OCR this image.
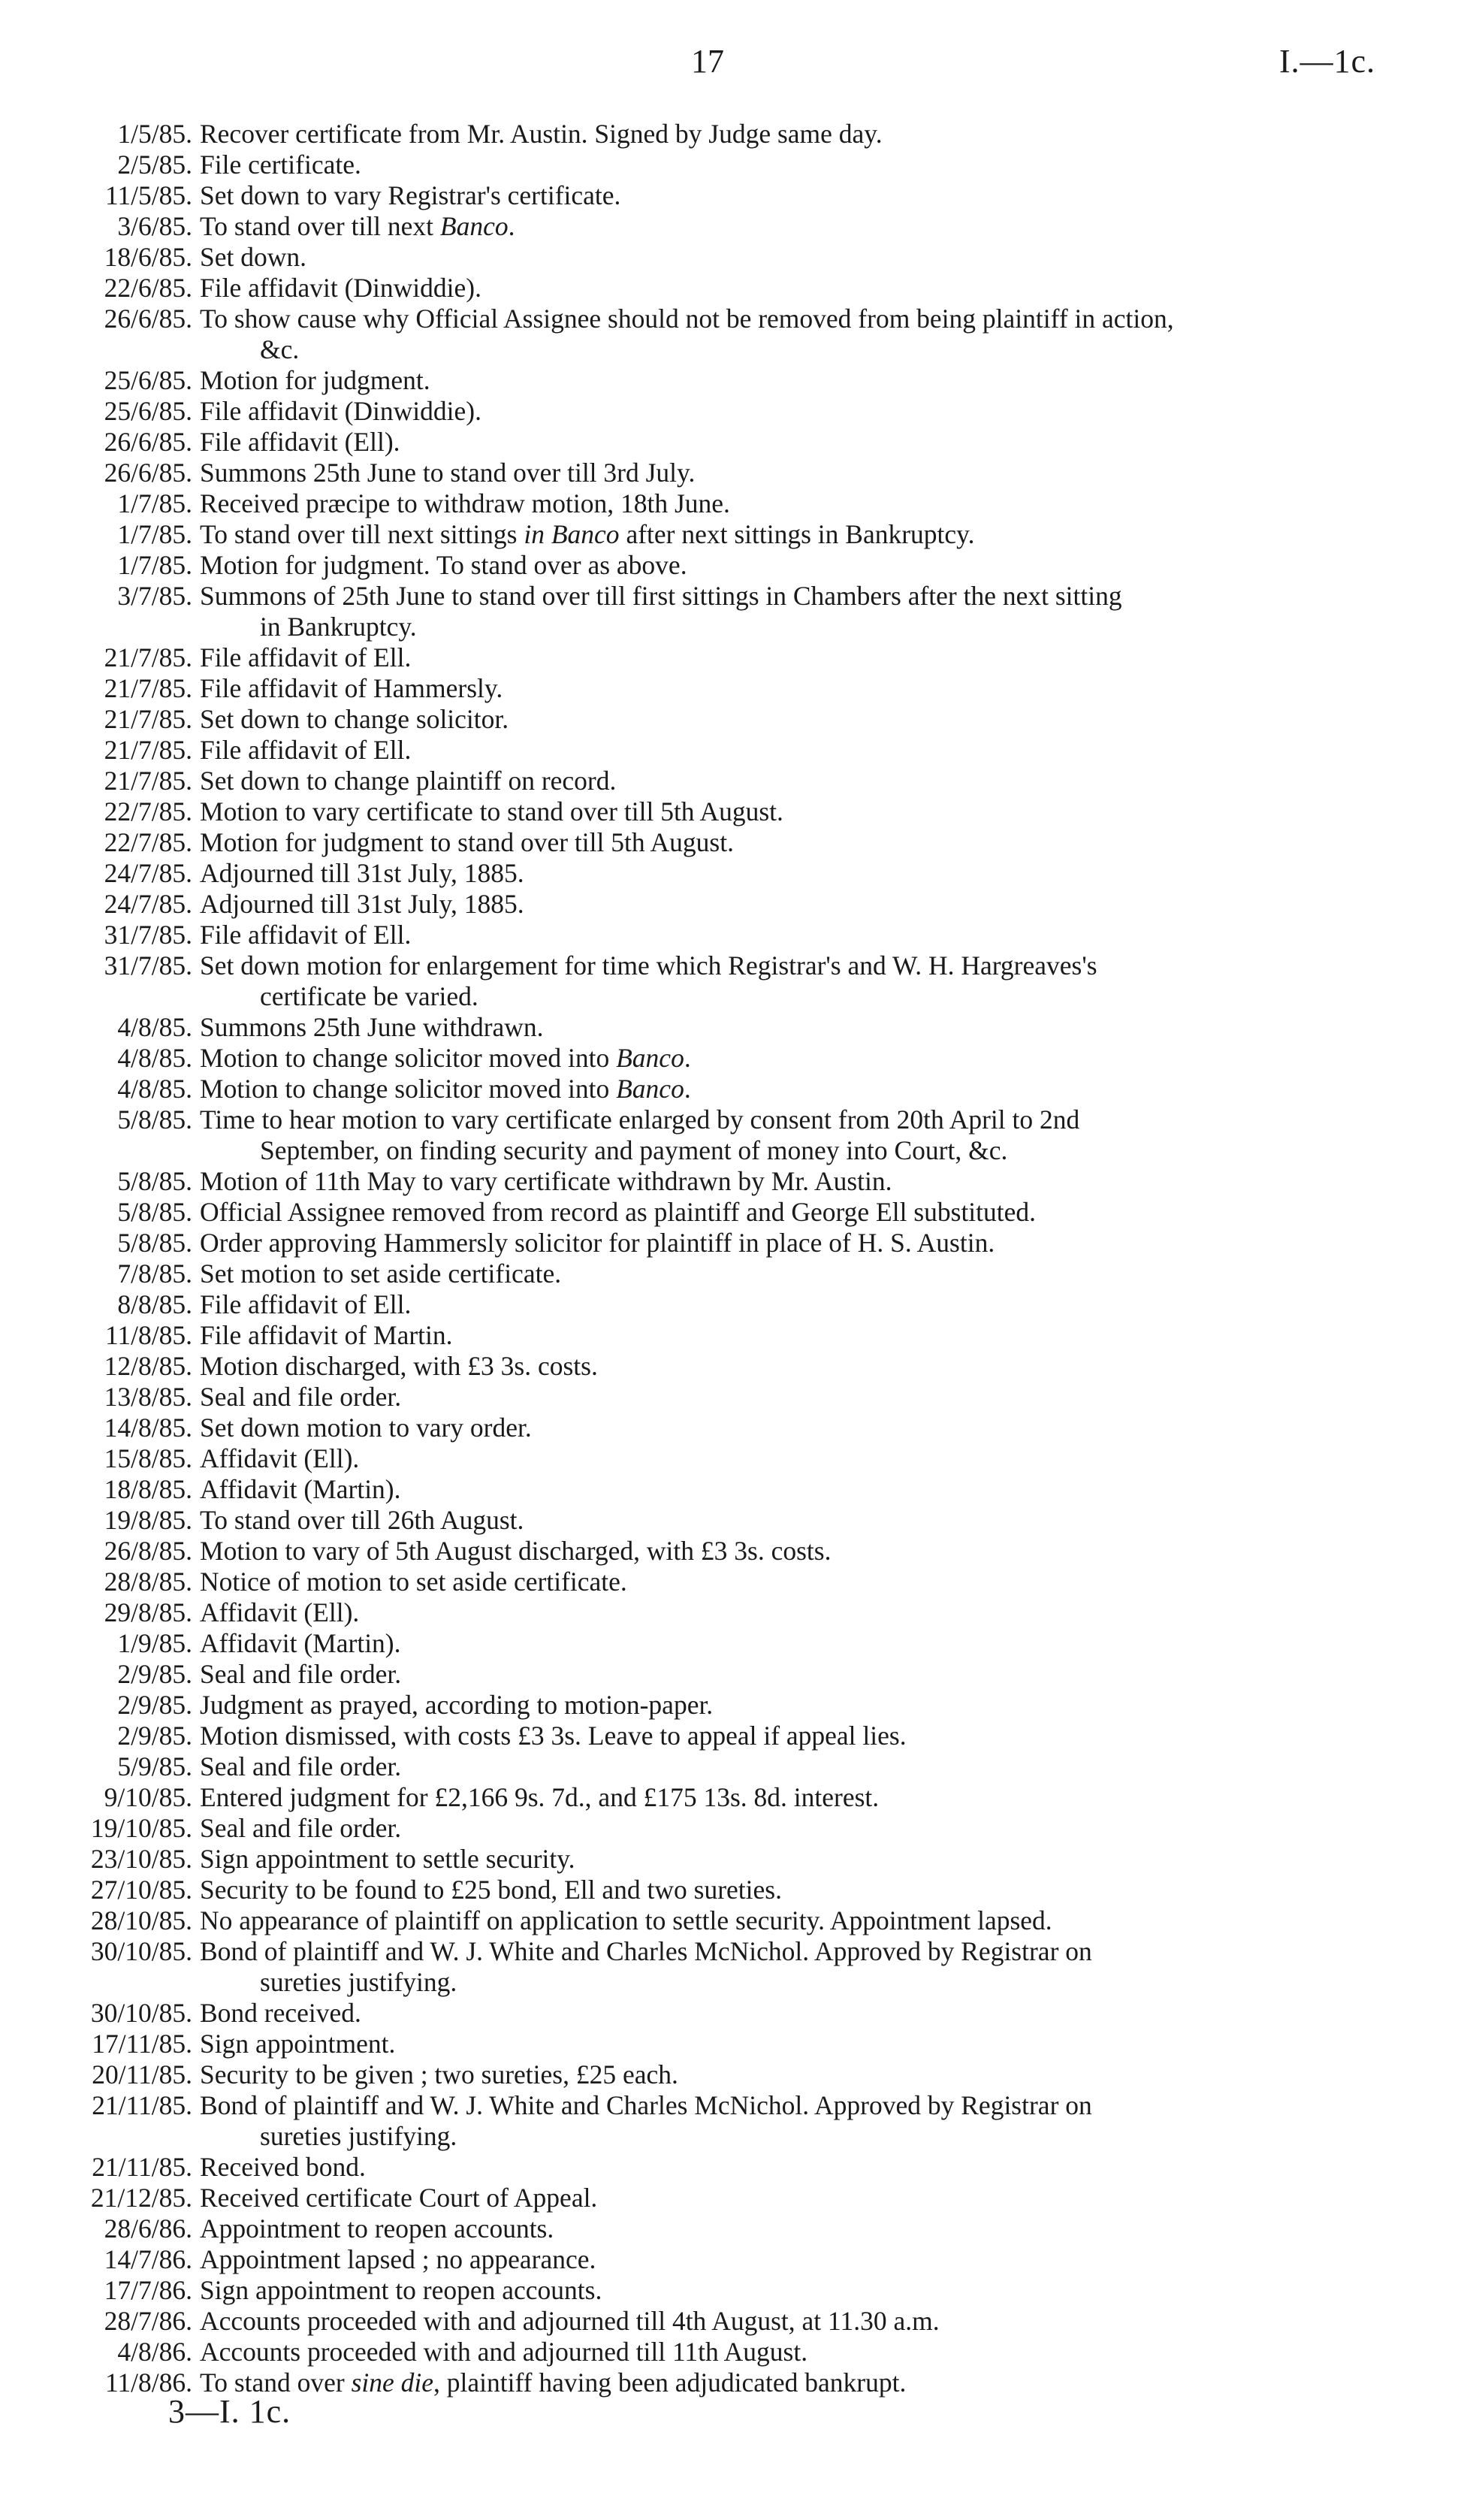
17	I.—1c.
1/5/85. Recover certificate from Mr. Austin. Signed by Judge same day.
2/5/85. File certificate.
11/5/85. Set down to vary Registrar's certificate.
3/6/85. To stand over till next Banco.
18/6/85. Set down.
22/6/85. File affidavit (Dinwiddie).
26/6/85. To show cause why Official Assignee should not be removed from being plaintiff in action,
&c.
25/6/85. Motion for judgment.
25/6/85. File affidavit (Dinwiddie).
26/6/85. File affidavit (Ell).
26/6/85. Summons 25th June to stand over till 3rd July.
1/7/85. Received præcipe to withdraw motion, 18th June.
1/7/85. To stand over till next sittings in Banco after next sittings in Bankruptcy.
1/7/85. Motion for judgment. To stand over as above.
3/7/85. Summons of 25th June to stand over till first sittings in Chambers after the next sitting
in Bankruptcy.
21/7/85. File affidavit of Ell.
21/7/85. File affidavit of Hammersly.
21/7/85. Set down to change solicitor.
21/7/85. File affidavit of Ell.
21/7/85. Set down to change plaintiff on record.
22/7/85. Motion to vary certificate to stand over till 5th August.
22/7/85. Motion for judgment to stand over till 5th August.
24/7/85. Adjourned till 31st July, 1885.
24/7/85. Adjourned till 31st July, 1885.
31/7/85. File affidavit of Ell.
31/7/85. Set down motion for enlargement for time which Registrar's and W. H. Hargreaves's
certificate be varied.
4/8/85. Summons 25th June withdrawn.
4/8/85. Motion to change solicitor moved into Banco.
4/8/85. Motion to change solicitor moved into Banco.
5/8/85. Time to hear motion to vary certificate enlarged by consent from 20th April to 2nd
September, on finding security and payment of money into Court, &c.
5/8/85. Motion of 11th May to vary certificate withdrawn by Mr. Austin.
5/8/85. Official Assignee removed from record as plaintiff and George Ell substituted.
5/8/85. Order approving Hammersly solicitor for plaintiff in place of H. S. Austin.
7/8/85. Set motion to set aside certificate.
8/8/85. File affidavit of Ell.
11/8/85. File affidavit of Martin.
12/8/85. Motion discharged, with £3 3s. costs.
13/8/85. Seal and file order.
14/8/85. Set down motion to vary order.
15/8/85. Affidavit (Ell).
18/8/85. Affidavit (Martin).
19/8/85. To stand over till 26th August.
26/8/85. Motion to vary of 5th August discharged, with £3 3s. costs.
28/8/85. Notice of motion to set aside certificate.
29/8/85. Affidavit (Ell).
1/9/85. Affidavit (Martin).
2/9/85. Seal and file order.
2/9/85. Judgment as prayed, according to motion-paper.
2/9/85. Motion dismissed, with costs £3 3s. Leave to appeal if appeal lies.
5/9/85. Seal and file order.
9/10/85. Entered judgment for £2,166 9s. 7d., and £175 13s. 8d. interest.
19/10/85. Seal and file order.
23/10/85. Sign appointment to settle security.
27/10/85. Security to be found to £25 bond, Ell and two sureties.
28/10/85. No appearance of plaintiff on application to settle security. Appointment lapsed.
30/10/85. Bond of plaintiff and W. J. White and Charles McNichol. Approved by Registrar on
sureties justifying.
30/10/85. Bond received.
17/11/85. Sign appointment.
20/11/85. Security to be given ; two sureties, £25 each.
21/11/85. Bond of plaintiff and W. J. White and Charles McNichol. Approved by Registrar on
sureties justifying.
21/11/85. Received bond.
21/12/85. Received certificate Court of Appeal.
28/6/86. Appointment to reopen accounts.
14/7/86. Appointment lapsed ; no appearance.
17/7/86. Sign appointment to reopen accounts.
28/7/86. Accounts proceeded with and adjourned till 4th August, at 11.30 a.m.
4/8/86. Accounts proceeded with and adjourned till 11th August.
11/8/86. To stand over sine die, plaintiff having been adjudicated bankrupt.
3—I. 1c.
